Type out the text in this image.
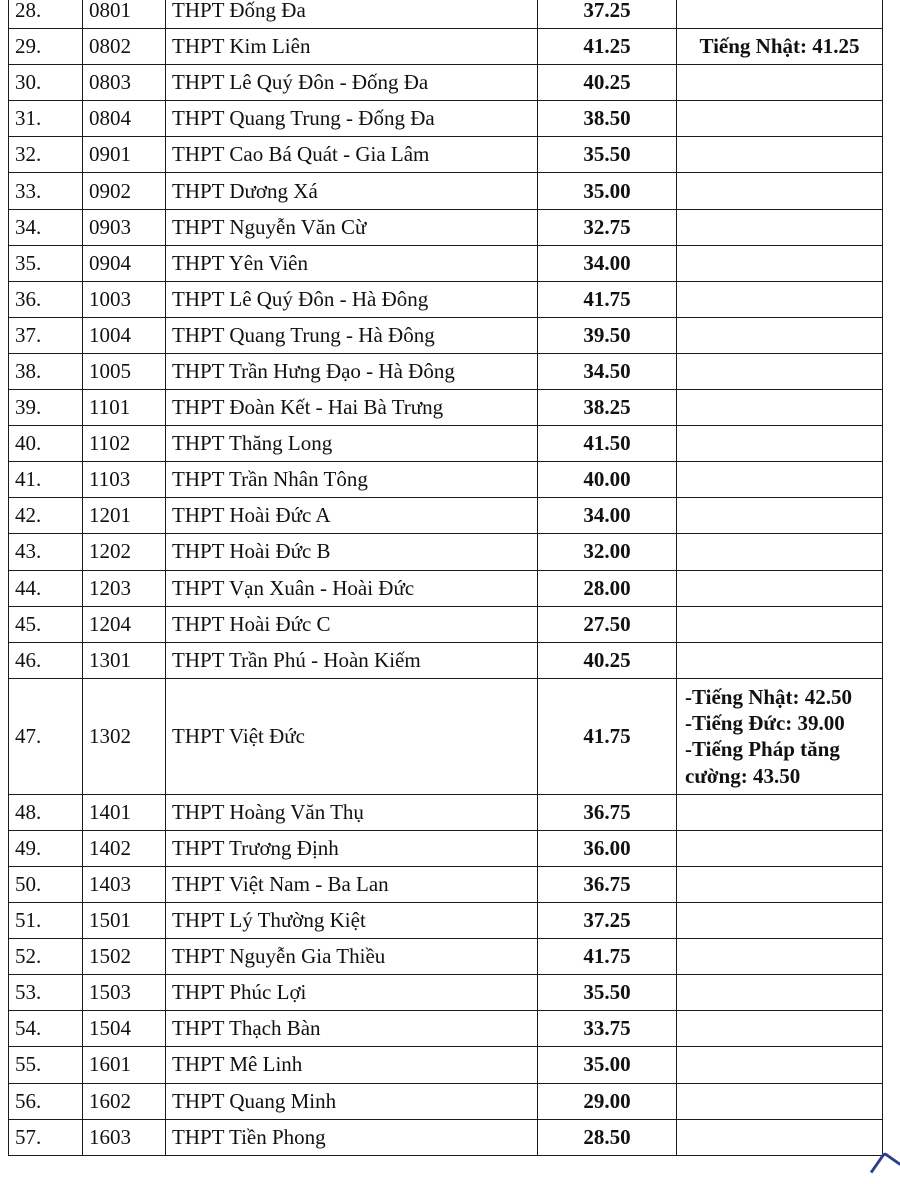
28.	0801	THPT Đống Đa	37.25	
29.	0802	THPT Kim Liên	41.25	Tiếng Nhật: 41.25

30.	0803	THPT Lê Quý Đôn - Đống Đa	40.25	
31.	0804	THPT Quang Trung - Đống Đa	38.50	
32.	0901	THPT Cao Bá Quát - Gia Lâm	35.50	
33.	0902	THPT Dương Xá	35.00	
34.	0903	THPT Nguyễn Văn Cừ	32.75	
35.	0904	THPT Yên Viên	34.00	
36.	1003	THPT Lê Quý Đôn - Hà Đông	41.75	
37.	1004	THPT Quang Trung - Hà Đông	39.50	
38.	1005	THPT Trần Hưng Đạo - Hà Đông	34.50	
39.	1101	THPT Đoàn Kết - Hai Bà Trưng	38.25	
40.	1102	THPT Thăng Long	41.50	
41.	1103	THPT Trần Nhân Tông	40.00	
42.	1201	THPT Hoài Đức A	34.00	
43.	1202	THPT Hoài Đức B	32.00	
44.	1203	THPT Vạn Xuân - Hoài Đức	28.00	
45.	1204	THPT Hoài Đức C	27.50	
46.	1301	THPT Trần Phú - Hoàn Kiếm	40.25	
47.	1302	THPT Việt Đức	41.75	-Tiếng Nhật: 42.50
-Tiếng Đức: 39.00
-Tiếng Pháp tăng cường: 43.50

48.	1401	THPT Hoàng Văn Thụ	36.75	
49.	1402	THPT Trương Định	36.00	
50.	1403	THPT Việt Nam - Ba Lan	36.75	
51.	1501	THPT Lý Thường Kiệt	37.25	
52.	1502	THPT Nguyễn Gia Thiều	41.75	
53.	1503	THPT Phúc Lợi	35.50	
54.	1504	THPT Thạch Bàn	33.75	
55.	1601	THPT Mê Linh	35.00	
56.	1602	THPT Quang Minh	29.00	
57.	1603	THPT Tiền Phong	28.50	
